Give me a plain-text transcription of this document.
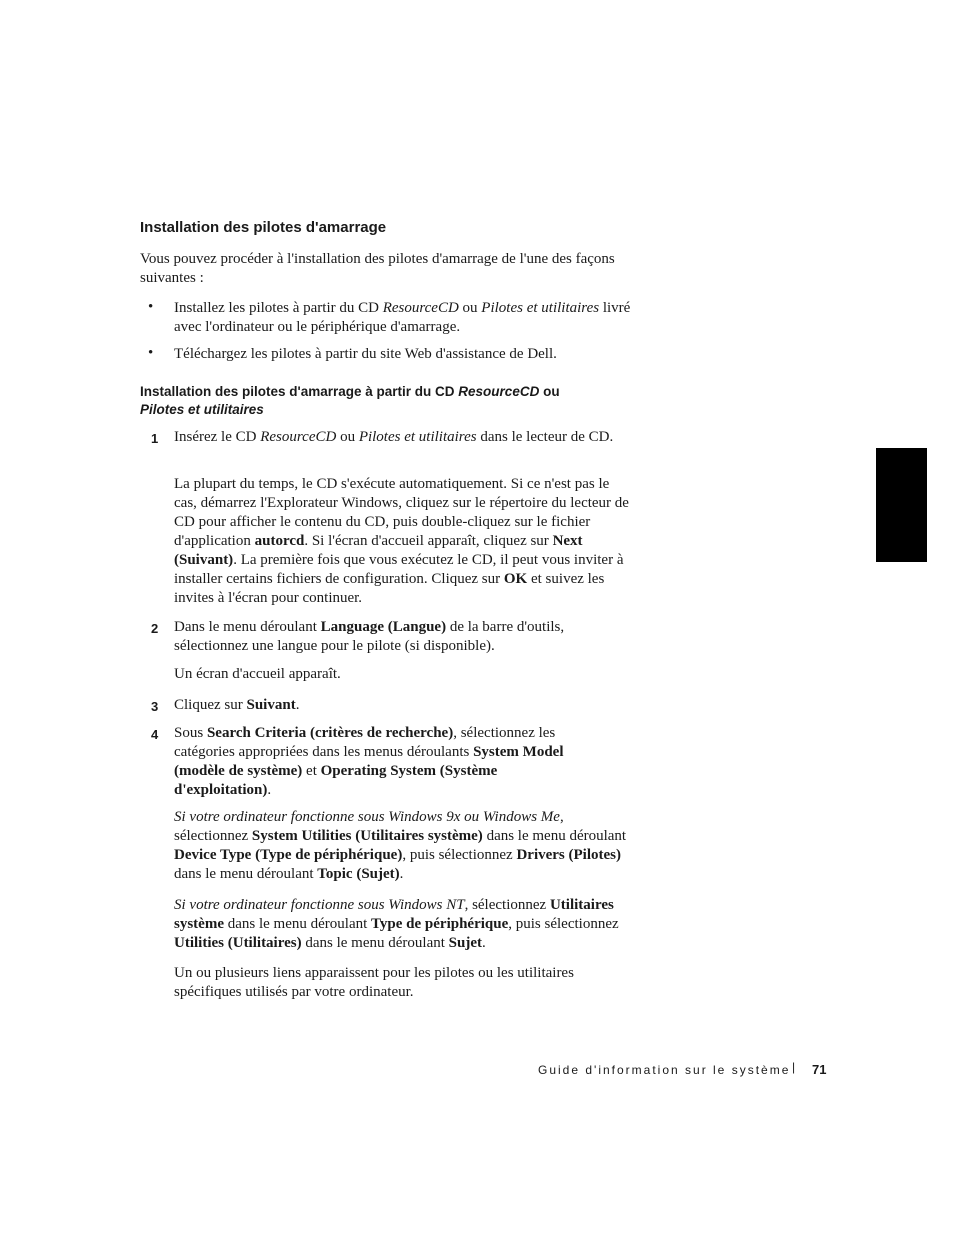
Installation des pilotes d'amarrage
Vous pouvez procéder à l'installation des pilotes d'amarrage de l'une des façons suivantes :
• Installez les pilotes à partir du CD ResourceCD ou Pilotes et utilitaires livré avec l'ordinateur ou le périphérique d'amarrage.
• Téléchargez les pilotes à partir du site Web d'assistance de Dell.
Installation des pilotes d'amarrage à partir du CD ResourceCD ou
Pilotes et utilitaires
1 Insérez le CD ResourceCD ou Pilotes et utilitaires dans le lecteur de CD.
La plupart du temps, le CD s'exécute automatiquement. Si ce n'est pas le cas, démarrez l'Explorateur Windows, cliquez sur le répertoire du lecteur de CD pour afficher le contenu du CD, puis double-cliquez sur le fichier d'application autorcd. Si l'écran d'accueil apparaît, cliquez sur Next (Suivant). La première fois que vous exécutez le CD, il peut vous inviter à installer certains fichiers de configuration. Cliquez sur OK et suivez les invites à l'écran pour continuer.
2 Dans le menu déroulant Language (Langue) de la barre d'outils, sélectionnez une langue pour le pilote (si disponible).
Un écran d'accueil apparaît.
3 Cliquez sur Suivant.
4 Sous Search Criteria (critères de recherche), sélectionnez les catégories appropriées dans les menus déroulants System Model (modèle de système) et Operating System (Système d'exploitation).
Si votre ordinateur fonctionne sous Windows 9x ou Windows Me, sélectionnez System Utilities (Utilitaires système) dans le menu déroulant Device Type (Type de périphérique), puis sélectionnez Drivers (Pilotes) dans le menu déroulant Topic (Sujet).
Si votre ordinateur fonctionne sous Windows NT, sélectionnez Utilitaires système dans le menu déroulant Type de périphérique, puis sélectionnez Utilities (Utilitaires) dans le menu déroulant Sujet.
Un ou plusieurs liens apparaissent pour les pilotes ou les utilitaires spécifiques utilisés par votre ordinateur.
Guide d'information sur le système | 71
